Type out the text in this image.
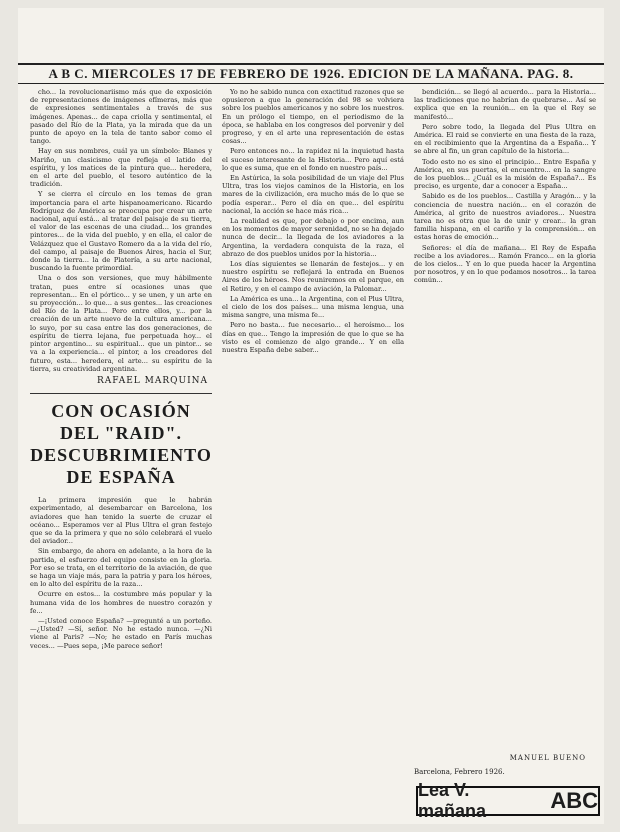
A B C. MIERCOLES 17 DE FEBRERO DE 1926. EDICION DE LA MAÑANA. PAG. 8.

cho... la revolucionariismo más que de exposición de representaciones de imágenes efímeras, más que de expresiones sentimentales a través de sus imágenes. Apenas... de capa criolla y sentimental, el pasado del Río de la Plata, ya la mirada que da un punto de apoyo en la tela de tanto sabor como el tango.

Hay en sus nombres, cuál ya un símbolo: Blanes y Mariño, un clasicismo que refleja el latido del espíritu, y los matices de la pintura que... heredera, en el arte del pueblo, el tesoro auténtico de la tradición.

Y se cierra el círculo en los temas de gran importancia para el arte hispanoamericano. Ricardo Rodríguez de América se preocupa por crear un arte nacional, aquí está... al tratar del paisaje de su tierra, el valor de las escenas de una ciudad... los grandes pintores... de la vida del pueblo, y en ella, el calor de Velázquez que el Gustavo Romero da a la vida del río, del campo, al paisaje de Buenos Aires, hacia el Sur, donde la tierra... la de Platería, a su arte nacional, buscando la fuente primordial.

Una o dos son versiones, que muy hábilmente tratan, pues entre sí ocasiones unas que representan... En el pórtico... y se unen, y un arte en su proyección... lo que... a sus gentes... las creaciones del Río de la Plata... Pero entre ellos, y... por la creación de un arte nuevo de la cultura americana... lo suyo, por su casa entre las dos generaciones, de espíritu de tierra lejana, fue perpetuada hoy... el pintor argentino... su espiritual... que un pintor... se va a la experiencia... el pintor, a los creadores del futuro, esta... heredera, el arte... su espíritu de la tierra, su creatividad argentina.

RAFAEL MARQUINA
CON OCASIÓN DEL "RAID". DESCUBRIMIENTO DE ESPAÑA

La primera impresión que le habrán experimentado, al desembarcar en Barcelona, los aviadores que han tenido la suerte de cruzar el océano... Esperamos ver al Plus Ultra el gran festejo que se da la primera y que no sólo celebrará el vuelo del aviador...

Sin embargo, de ahora en adelante, a la hora de la partida, el esfuerzo del equipo consiste en la gloria. Por eso se trata, en el territorio de la aviación, de que se haga un viaje más, para la patria y para los héroes, en lo alto del espíritu de la raza...

Ocurre en estos... la costumbre más popular y la humana vida de los hombres de nuestro corazón y fe...

—¡Usted conoce España? —pregunté a un porteño. —¿Usted? —Sí, señor. No he estado nunca. —¿Ni viene al Paris? —No; he estado en París muchas veces... —Pues sepa, ¡Me parece señor!

Yo no he sabido nunca con exactitud razones que se opusieron a que la generación del 98 se volviera sobre los pueblos americanos y no sobre los nuestros. En un prólogo el tiempo, en el periodismo de la época, se hablaba en los congresos del porvenir y del progreso, y en el arte una representación de estas cosas...

Pero entonces no... la rapidez ni la inquietud hasta el suceso interesante de la Historia... Pero aquí está lo que es suma, que en el fondo en nuestro país...

En Astúrica, la sola posibilidad de un viaje del Plus Ultra, tras los viejos caminos de la Historia, en los mares de la civilización, era mucho más de lo que se podía esperar... Pero el día en que... del espíritu nacional, la acción se hace más rica...

La realidad es que, por debajo o por encima, aun en los momentos de mayor serenidad, no se ha dejado nunca de decir... la llegada de los aviadores a la Argentina, la verdadera conquista de la raza, el abrazo de dos pueblos unidos por la historia...

Los días siguientes se llenarán de festejos... y en nuestro espíritu se reflejará la entrada en Buenos Aires de los héroes. Nos reuniremos en el parque, en el Retiro, y en el campo de aviación, la Palomar...

La América es una... la Argentina, con el Plus Ultra, el cielo de los dos países... una misma lengua, una misma sangre, una misma fe...

Pero no basta... fue necesario... el heroísmo... los días en que... Tengo la impresión de que lo que se ha visto es el comienzo de algo grande... Y en ella nuestra España debe saber...

bendición... se llegó al acuerdo... para la Historia... las tradiciones que no habrían de quebrarse... Así se explica que en la reunión... en la que el Rey se manifestó...

Pero sobre todo, la llegada del Plus Ultra en América. El raid se convierte en una fiesta de la raza, en el recibimiento que la Argentina da a España... Y se abre al fin, un gran capítulo de la historia...

Todo esto no es sino el principio... Entre España y América, en sus puertas, el encuentro... en la sangre de los pueblos... ¿Cuál es la misión de España?... Es preciso, es urgente, dar a conocer a España...

Sabido es de los pueblos... Castilla y Aragón... y la conciencia de nuestra nación... en el corazón de América, al grito de nuestros aviadores... Nuestra tarea no es otra que la de unir y crear... la gran familia hispana, en el cariño y la comprensión... en estas horas de emoción...

Señores: el día de mañana... El Rey de España recibe a los aviadores... Ramón Franco... en la gloria de los cielos... Y en lo que pueda hacer la Argentina por nosotros, y en lo que podamos nosotros... la tarea común...

MANUEL BUENO
Barcelona, Febrero 1926.
Lea V. mañana	ABC
